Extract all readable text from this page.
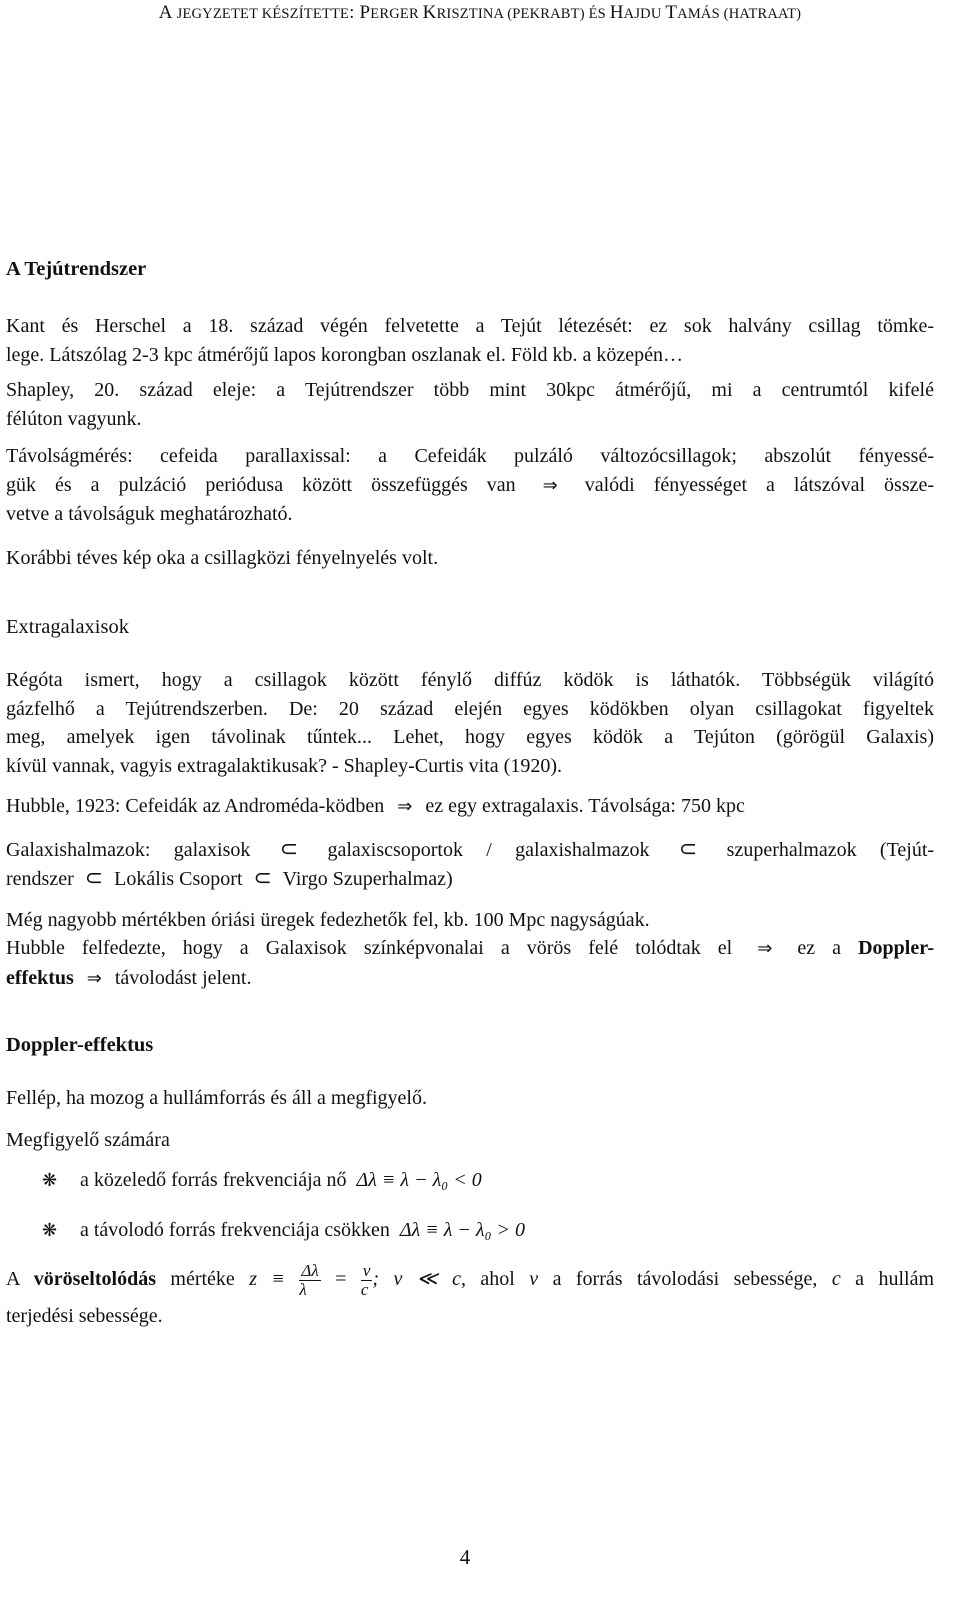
A JEGYZETET KÉSZÍTETTE: PERGER KRISZTINA (PEKRABT) ÉS HAJDU TAMÁS (HATRAAT)
A Tejútrendszer
Kant és Herschel a 18. század végén felvetette a Tejút létezését: ez sok halvány csillag tömke-
lege. Látszólag 2-3 kpc átmérőjű lapos korongban oszlanak el. Föld kb. a közepén…
Shapley, 20. század eleje: a Tejútrendszer több mint 30kpc átmérőjű, mi a centrumtól kifelé
félúton vagyunk.
Távolságmérés: cefeida parallaxissal: a Cefeidák pulzáló változócsillagok; abszolút fényessé-
gük és a pulzáció periódusa között összefüggés van ⇒ valódi fényességet a látszóval össze-
vetve a távolságuk meghatározható.
Korábbi téves kép oka a csillagközi fényelnyelés volt.
Extragalaxisok
Régóta ismert, hogy a csillagok között fénylő diffúz ködök is láthatók. Többségük világító
gázfelhő a Tejútrendszerben. De: 20 század elején egyes ködökben olyan csillagokat figyeltek
meg, amelyek igen távolinak tűntek... Lehet, hogy egyes ködök a Tejúton (görögül Galaxis)
kívül vannak, vagyis extragalaktikusak? - Shapley-Curtis vita (1920).
Hubble, 1923: Cefeidák az Androméda-ködben ⇒ ez egy extragalaxis. Távolsága: 750 kpc
Galaxishalmazok: galaxisok ⊂ galaxiscsoportok / galaxishalmazok ⊂ szuperhalmazok (Tejút-
rendszer ⊂ Lokális Csoport ⊂ Virgo Szuperhalmaz)
Még nagyobb mértékben óriási üregek fedezhetők fel, kb. 100 Mpc nagyságúak.
Hubble felfedezte, hogy a Galaxisok színképvonalai a vörös felé tolódtak el ⇒ ez a Doppler-
effektus ⇒ távolodást jelent.
Doppler-effektus
Fellép, ha mozog a hullámforrás és áll a megfigyelő.
Megfigyelő számára
❋ a közeledő forrás frekvenciája nő Δλ ≡ λ − λ₀ < 0
❋ a távolodó forrás frekvenciája csökken Δλ ≡ λ − λ₀ > 0
A vöröseltolódás mértéke $z \equiv \frac{\Delta\lambda}{\lambda} = \frac{v}{c}$ ; v ≪ c, ahol v a forrás távolodási sebessége, c a hullám
terjedési sebessége.
4
